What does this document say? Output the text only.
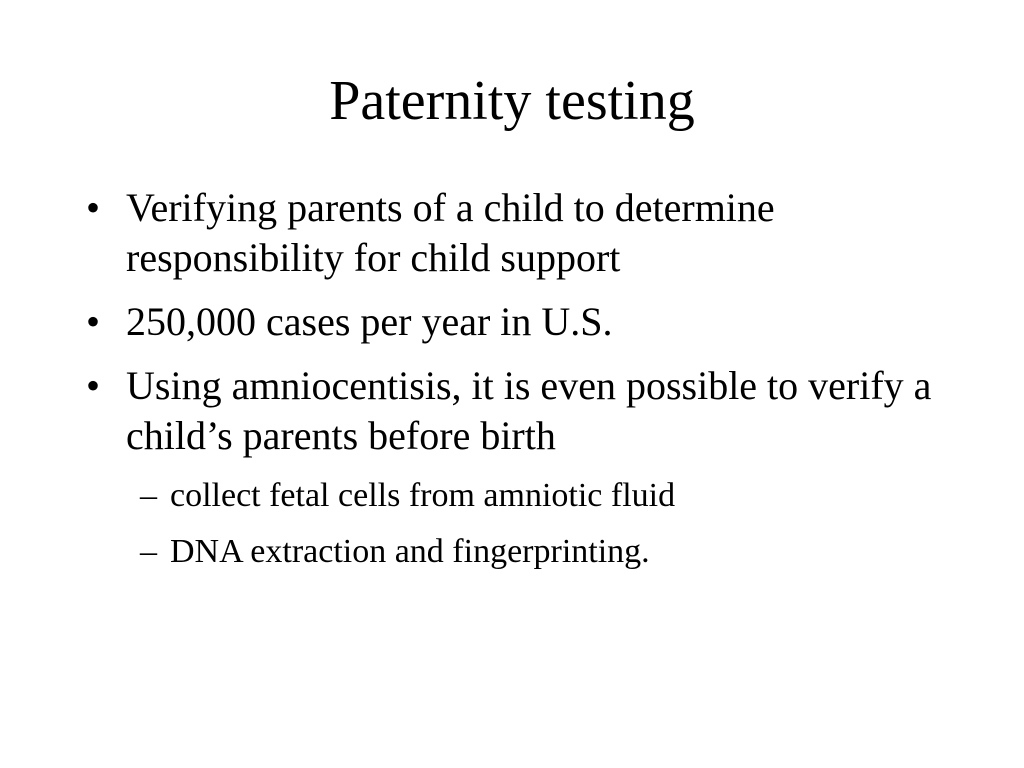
Paternity testing
• Verifying parents of a child to determine responsibility for child support
• 250,000 cases per year in U.S.
• Using amniocentisis, it is even possible to verify a child’s parents before birth
– collect fetal cells from amniotic fluid
– DNA extraction and fingerprinting.
